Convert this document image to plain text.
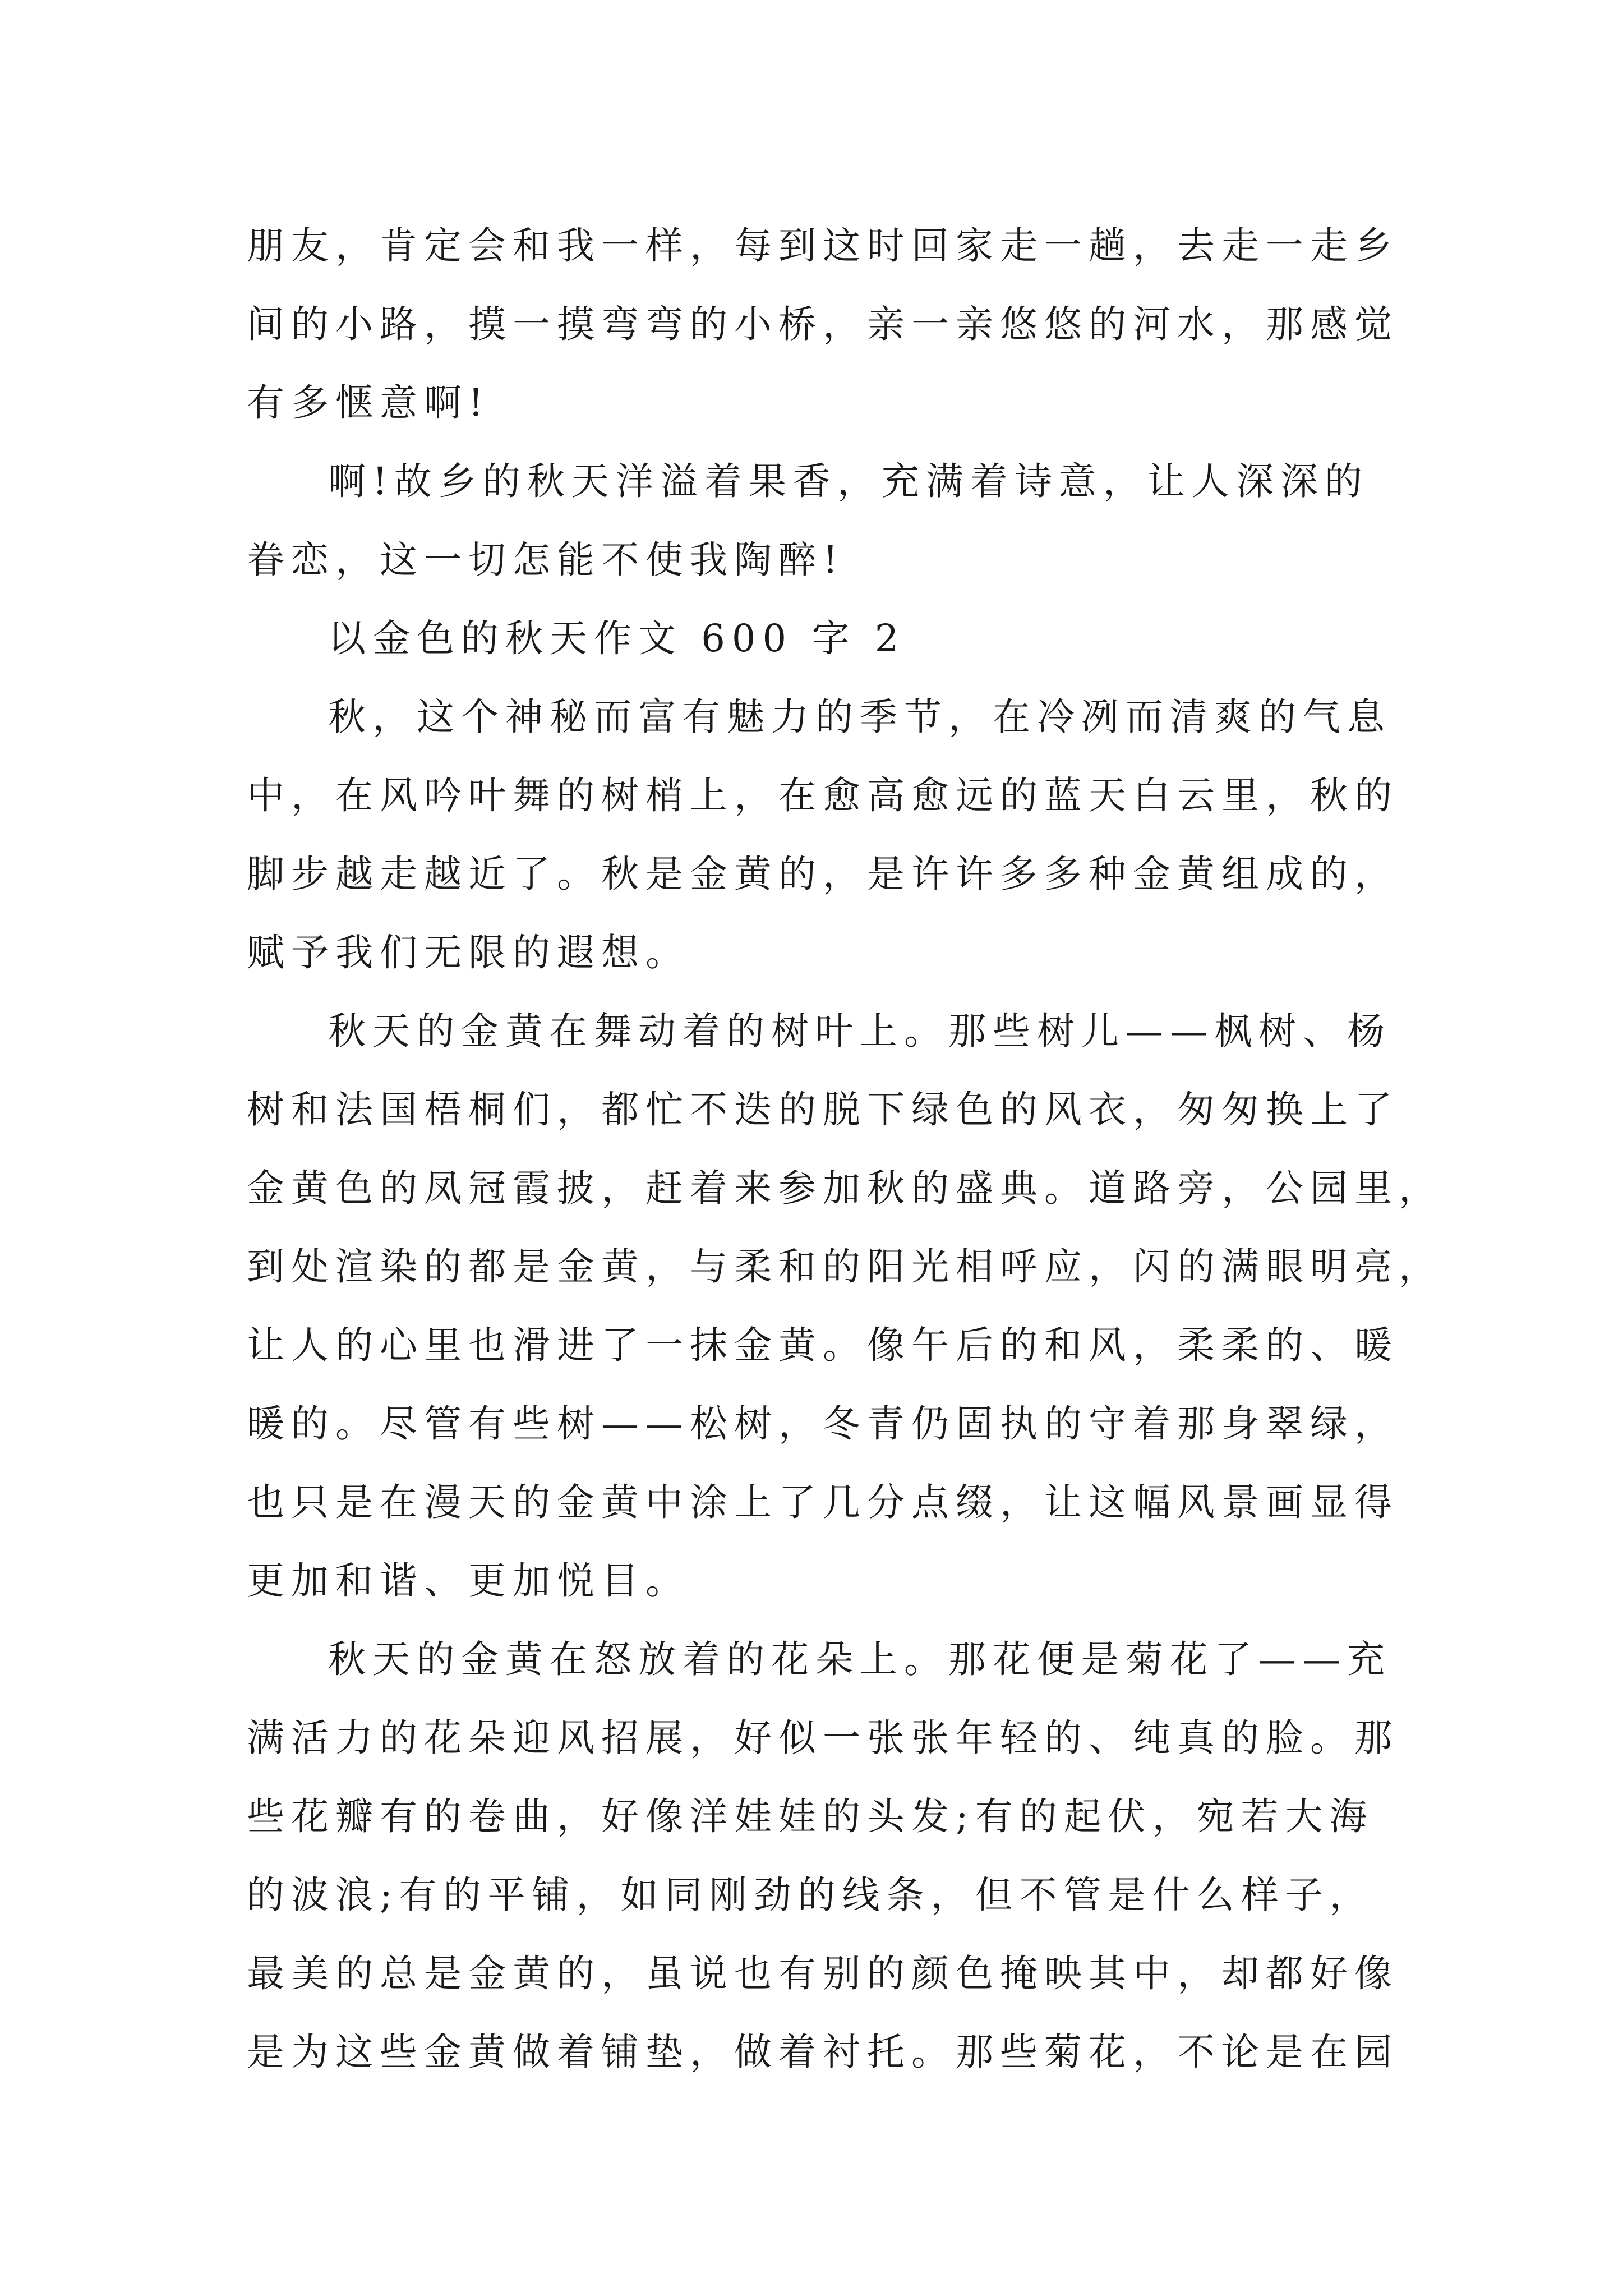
朋友，肯定会和我一样，每到这时回家走一趟，去走一走乡
间的小路，摸一摸弯弯的小桥，亲一亲悠悠的河水，那感觉
有多惬意啊!
啊!故乡的秋天洋溢着果香，充满着诗意，让人深深的
眷恋，这一切怎能不使我陶醉!
以金色的秋天作文 600 字 2
秋，这个神秘而富有魅力的季节，在冷冽而清爽的气息
中，在风吟叶舞的树梢上，在愈高愈远的蓝天白云里，秋的
脚步越走越近了。秋是金黄的，是许许多多种金黄组成的，
赋予我们无限的遐想。
秋天的金黄在舞动着的树叶上。那些树儿——枫树、杨
树和法国梧桐们，都忙不迭的脱下绿色的风衣，匆匆换上了
金黄色的凤冠霞披，赶着来参加秋的盛典。道路旁，公园里，
到处渲染的都是金黄，与柔和的阳光相呼应，闪的满眼明亮，
让人的心里也滑进了一抹金黄。像午后的和风，柔柔的、暖
暖的。尽管有些树——松树，冬青仍固执的守着那身翠绿，
也只是在漫天的金黄中涂上了几分点缀，让这幅风景画显得
更加和谐、更加悦目。
秋天的金黄在怒放着的花朵上。那花便是菊花了——充
满活力的花朵迎风招展，好似一张张年轻的、纯真的脸。那
些花瓣有的卷曲，好像洋娃娃的头发;有的起伏，宛若大海
的波浪;有的平铺，如同刚劲的线条，但不管是什么样子，
最美的总是金黄的，虽说也有别的颜色掩映其中，却都好像
是为这些金黄做着铺垫，做着衬托。那些菊花，不论是在园
